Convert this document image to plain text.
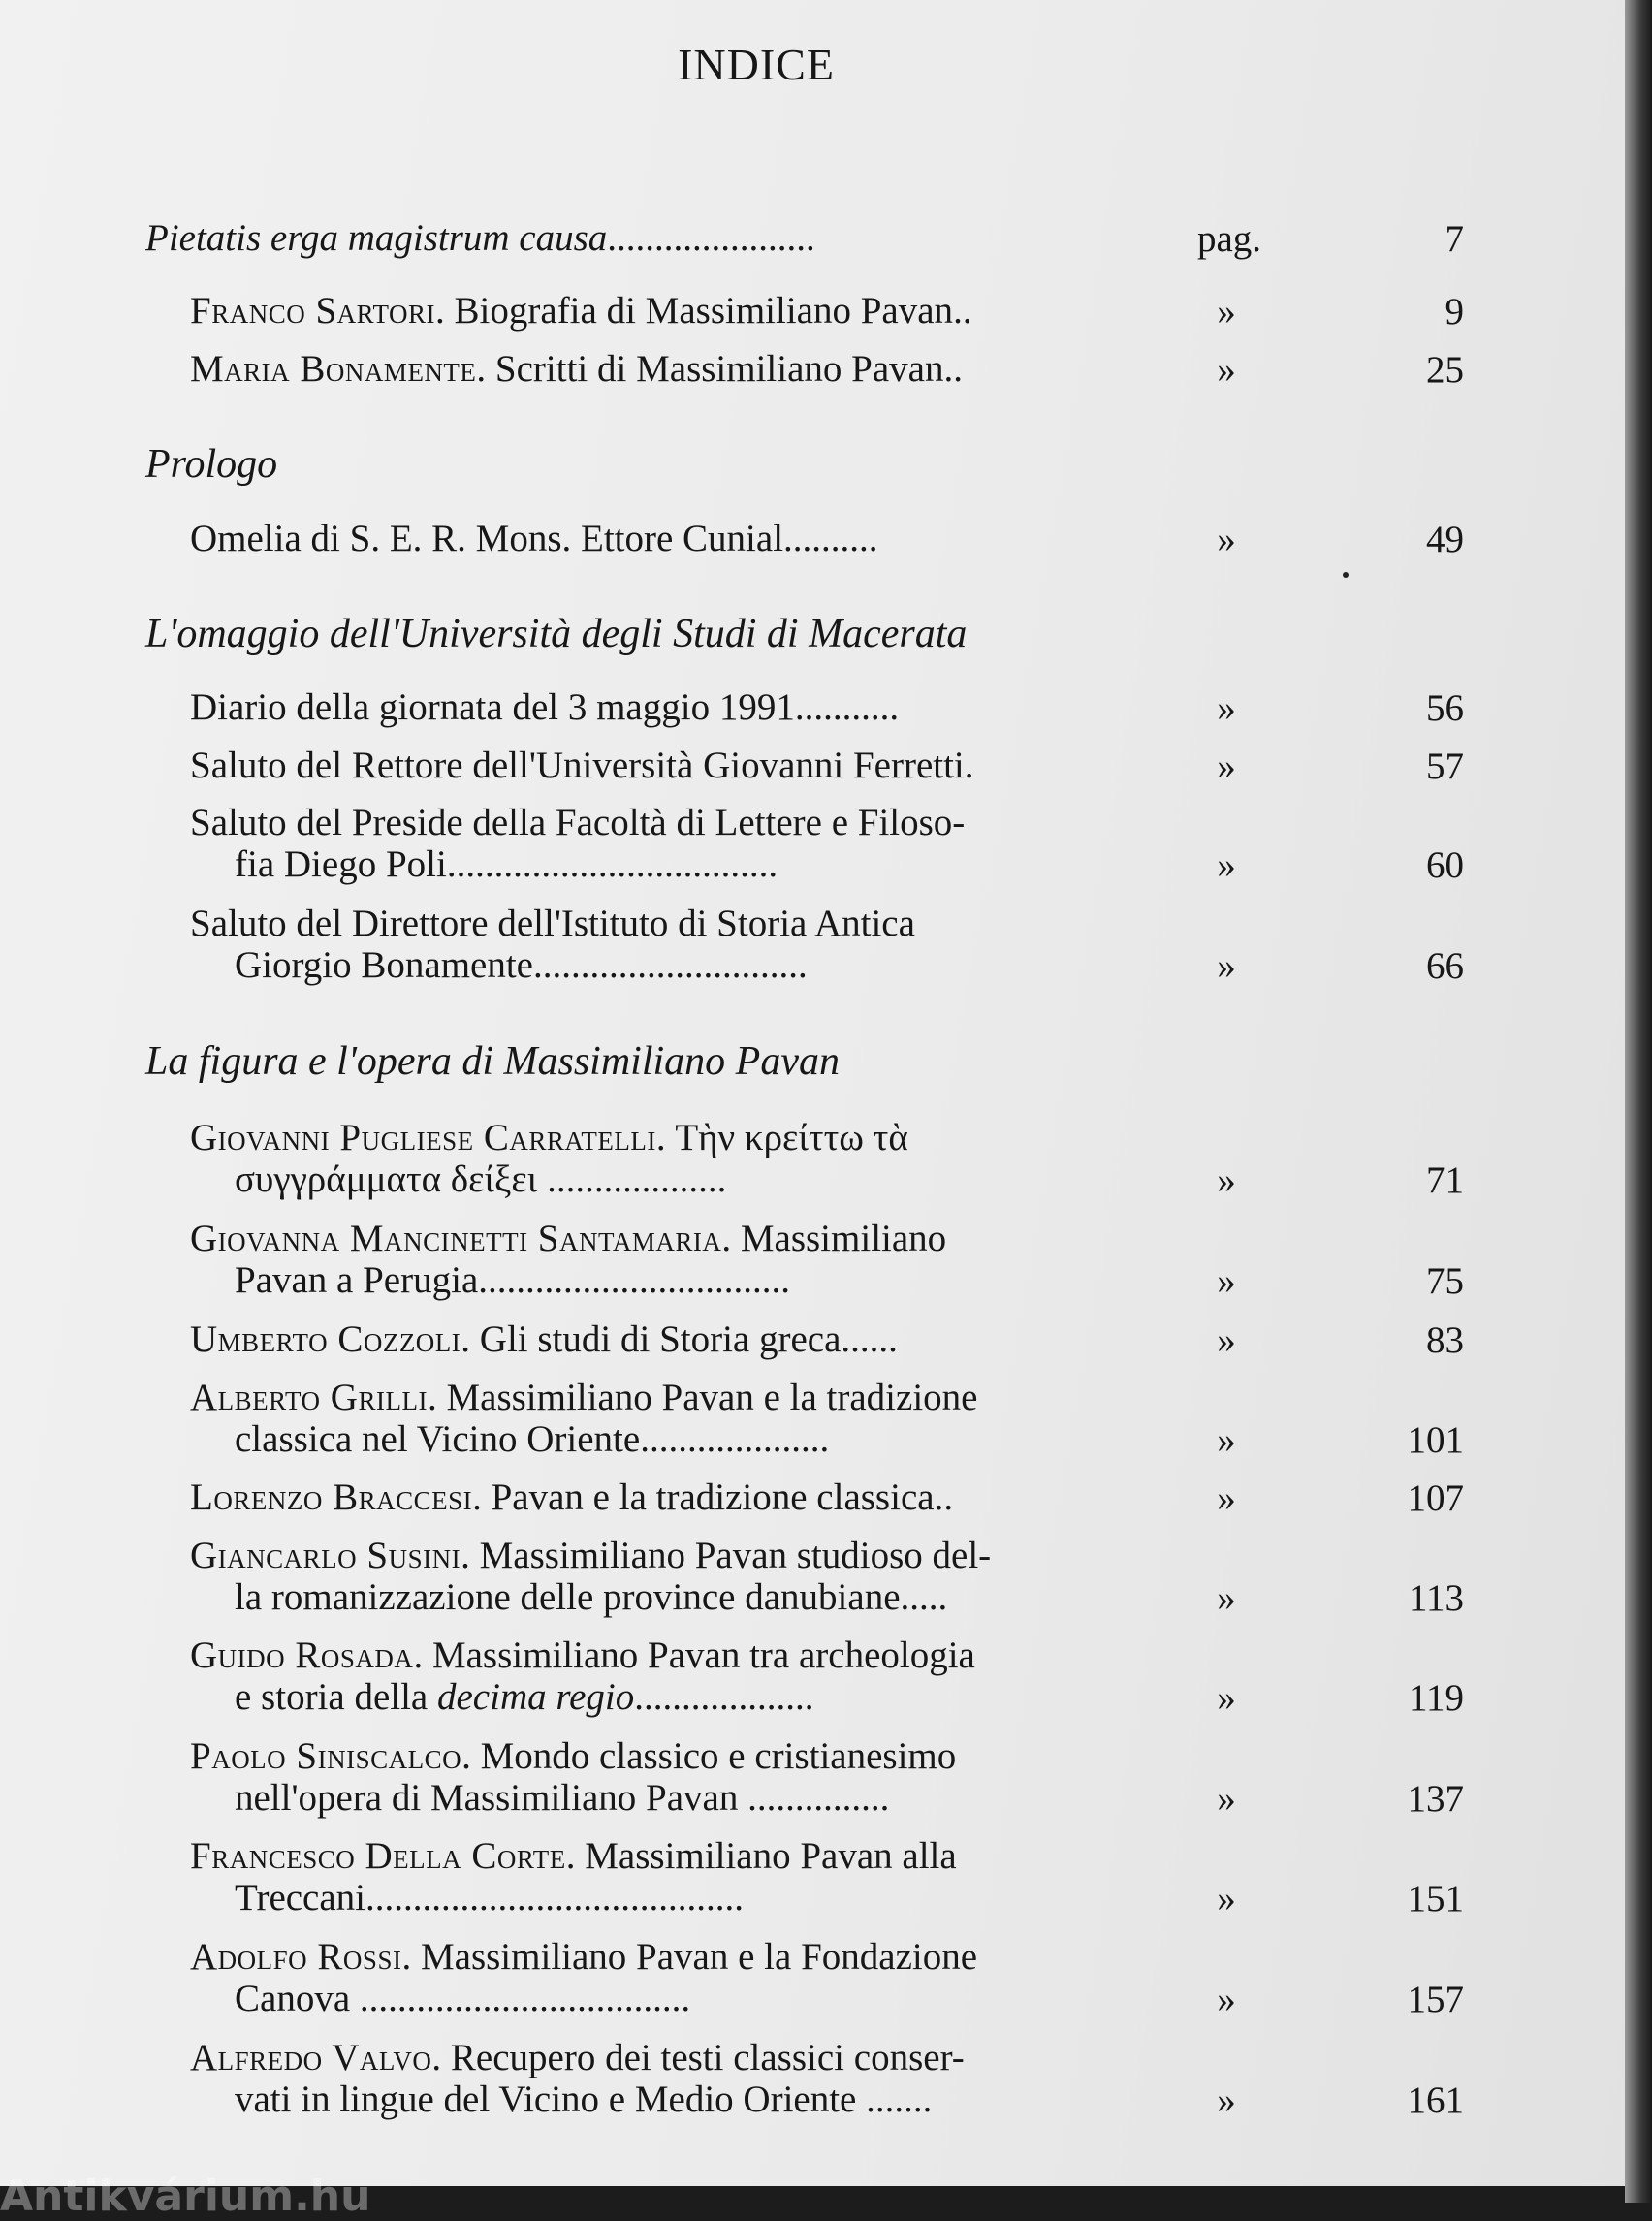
INDICE
Pietatis erga magistrum causa......................	pag.	7
Franco Sartori. Biografia di Massimiliano Pavan..	»	9
Maria Bonamente. Scritti di Massimiliano Pavan..	»	25
Prologo
Omelia di S. E. R. Mons. Ettore Cunial..........	»	49
L'omaggio dell'Università degli Studi di Macerata
Diario della giornata del 3 maggio 1991...........	»	56
Saluto del Rettore dell'Università Giovanni Ferretti.	»	57
Saluto del Preside della Facoltà di Lettere e Filoso-
fia Diego Poli...................................	»	60
Saluto del Direttore dell'Istituto di Storia Antica
Giorgio Bonamente.............................	»	66
La figura e l'opera di Massimiliano Pavan
Giovanni Pugliese Carratelli. Τὴν κρείττω τὰ
συγγράμματα δείξει ...................	»	71
Giovanna Mancinetti Santamaria. Massimiliano
Pavan a Perugia.................................	»	75
Umberto Cozzoli. Gli studi di Storia greca......	»	83
Alberto Grilli. Massimiliano Pavan e la tradizione
classica nel Vicino Oriente....................	»	101
Lorenzo Braccesi. Pavan e la tradizione classica..	»	107
Giancarlo Susini. Massimiliano Pavan studioso del-
la romanizzazione delle province danubiane.....	»	113
Guido Rosada. Massimiliano Pavan tra archeologia
e storia della decima regio...................	»	119
Paolo Siniscalco. Mondo classico e cristianesimo
nell'opera di Massimiliano Pavan ...............	»	137
Francesco Della Corte. Massimiliano Pavan alla
Treccani........................................	»	151
Adolfo Rossi. Massimiliano Pavan e la Fondazione
Canova ...................................	»	157
Alfredo Valvo. Recupero dei testi classici conser-
vati in lingue del Vicino e Medio Oriente .......	»	161
Antikvárium.hu
